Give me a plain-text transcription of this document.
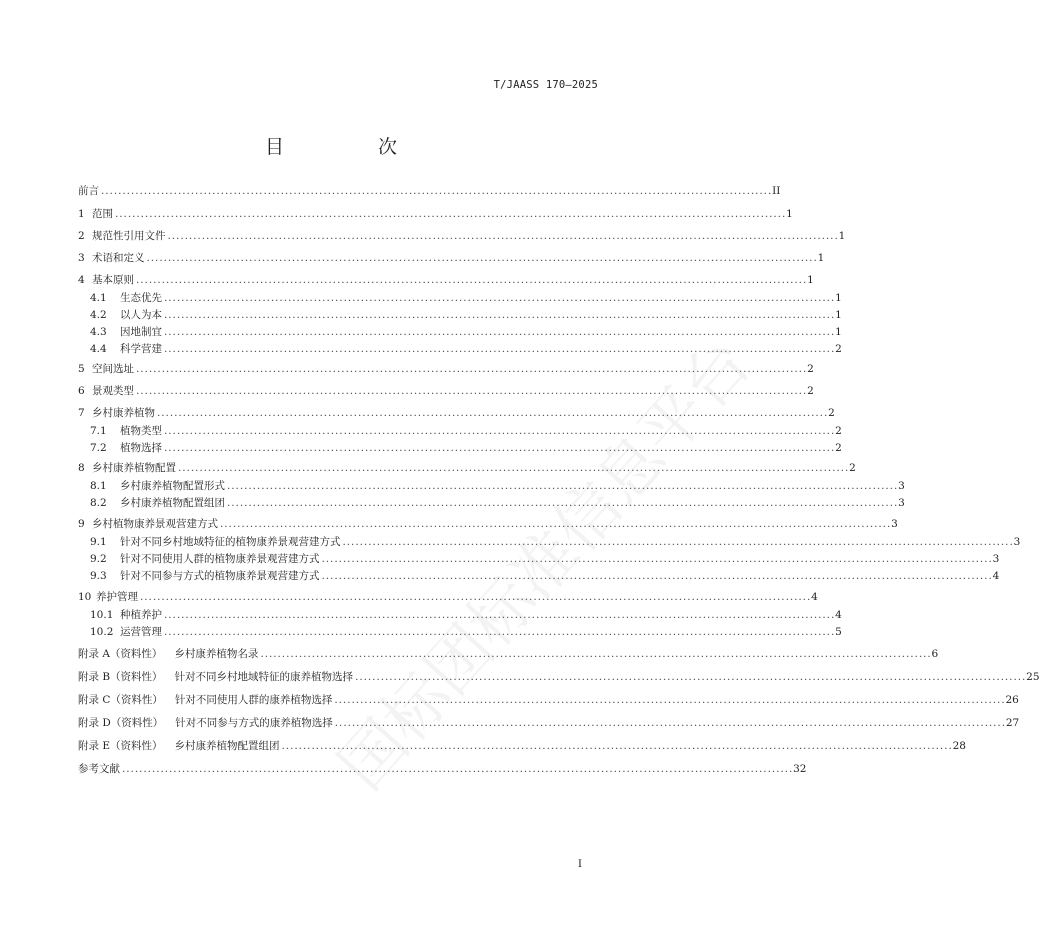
T/JAASS 170—2025
目 次
前言 . . .	II
1 范围 . . .	1
2 规范性引用文件 . . .	1
3 术语和定义 . . .	1
4 基本原则 . . .	1
4.1	生态优先 . . .	1
4.2	以人为本 . . .	1
4.3	因地制宜 . . .	1
4.4	科学营建 . . .	2
5 空间选址 . . .	2
6 景观类型 . . .	2
7 乡村康养植物 . . .	2
7.1	植物类型 . . .	2
7.2	植物选择 . . .	2
8 乡村康养植物配置 . . .	2
8.1	乡村康养植物配置形式 . . .	3
8.2	乡村康养植物配置组团 . . .	3
9 乡村植物康养景观营建方式 . . .	3
9.1	针对不同乡村地域特征的植物康养景观营建方式 . . .	3
9.2	针对不同使用人群的植物康养景观营建方式 . . .	3
9.3	针对不同参与方式的植物康养景观营建方式 . . .	4
10 养护管理 . . .	4
10.1 种植养护 . . .	4
10.2 运营管理 . . .	5
附录 A（资料性） 乡村康养植物名录 . . .	6
附录 B（资料性） 针对不同乡村地域特征的康养植物选择 . . .	25
附录 C（资料性） 针对不同使用人群的康养植物选择 . . .	26
附录 D（资料性） 针对不同参与方式的康养植物选择 . . .	27
附录 E（资料性） 乡村康养植物配置组团 . . .	28
参考文献 . . .	32
I
国标团标准信息平台
